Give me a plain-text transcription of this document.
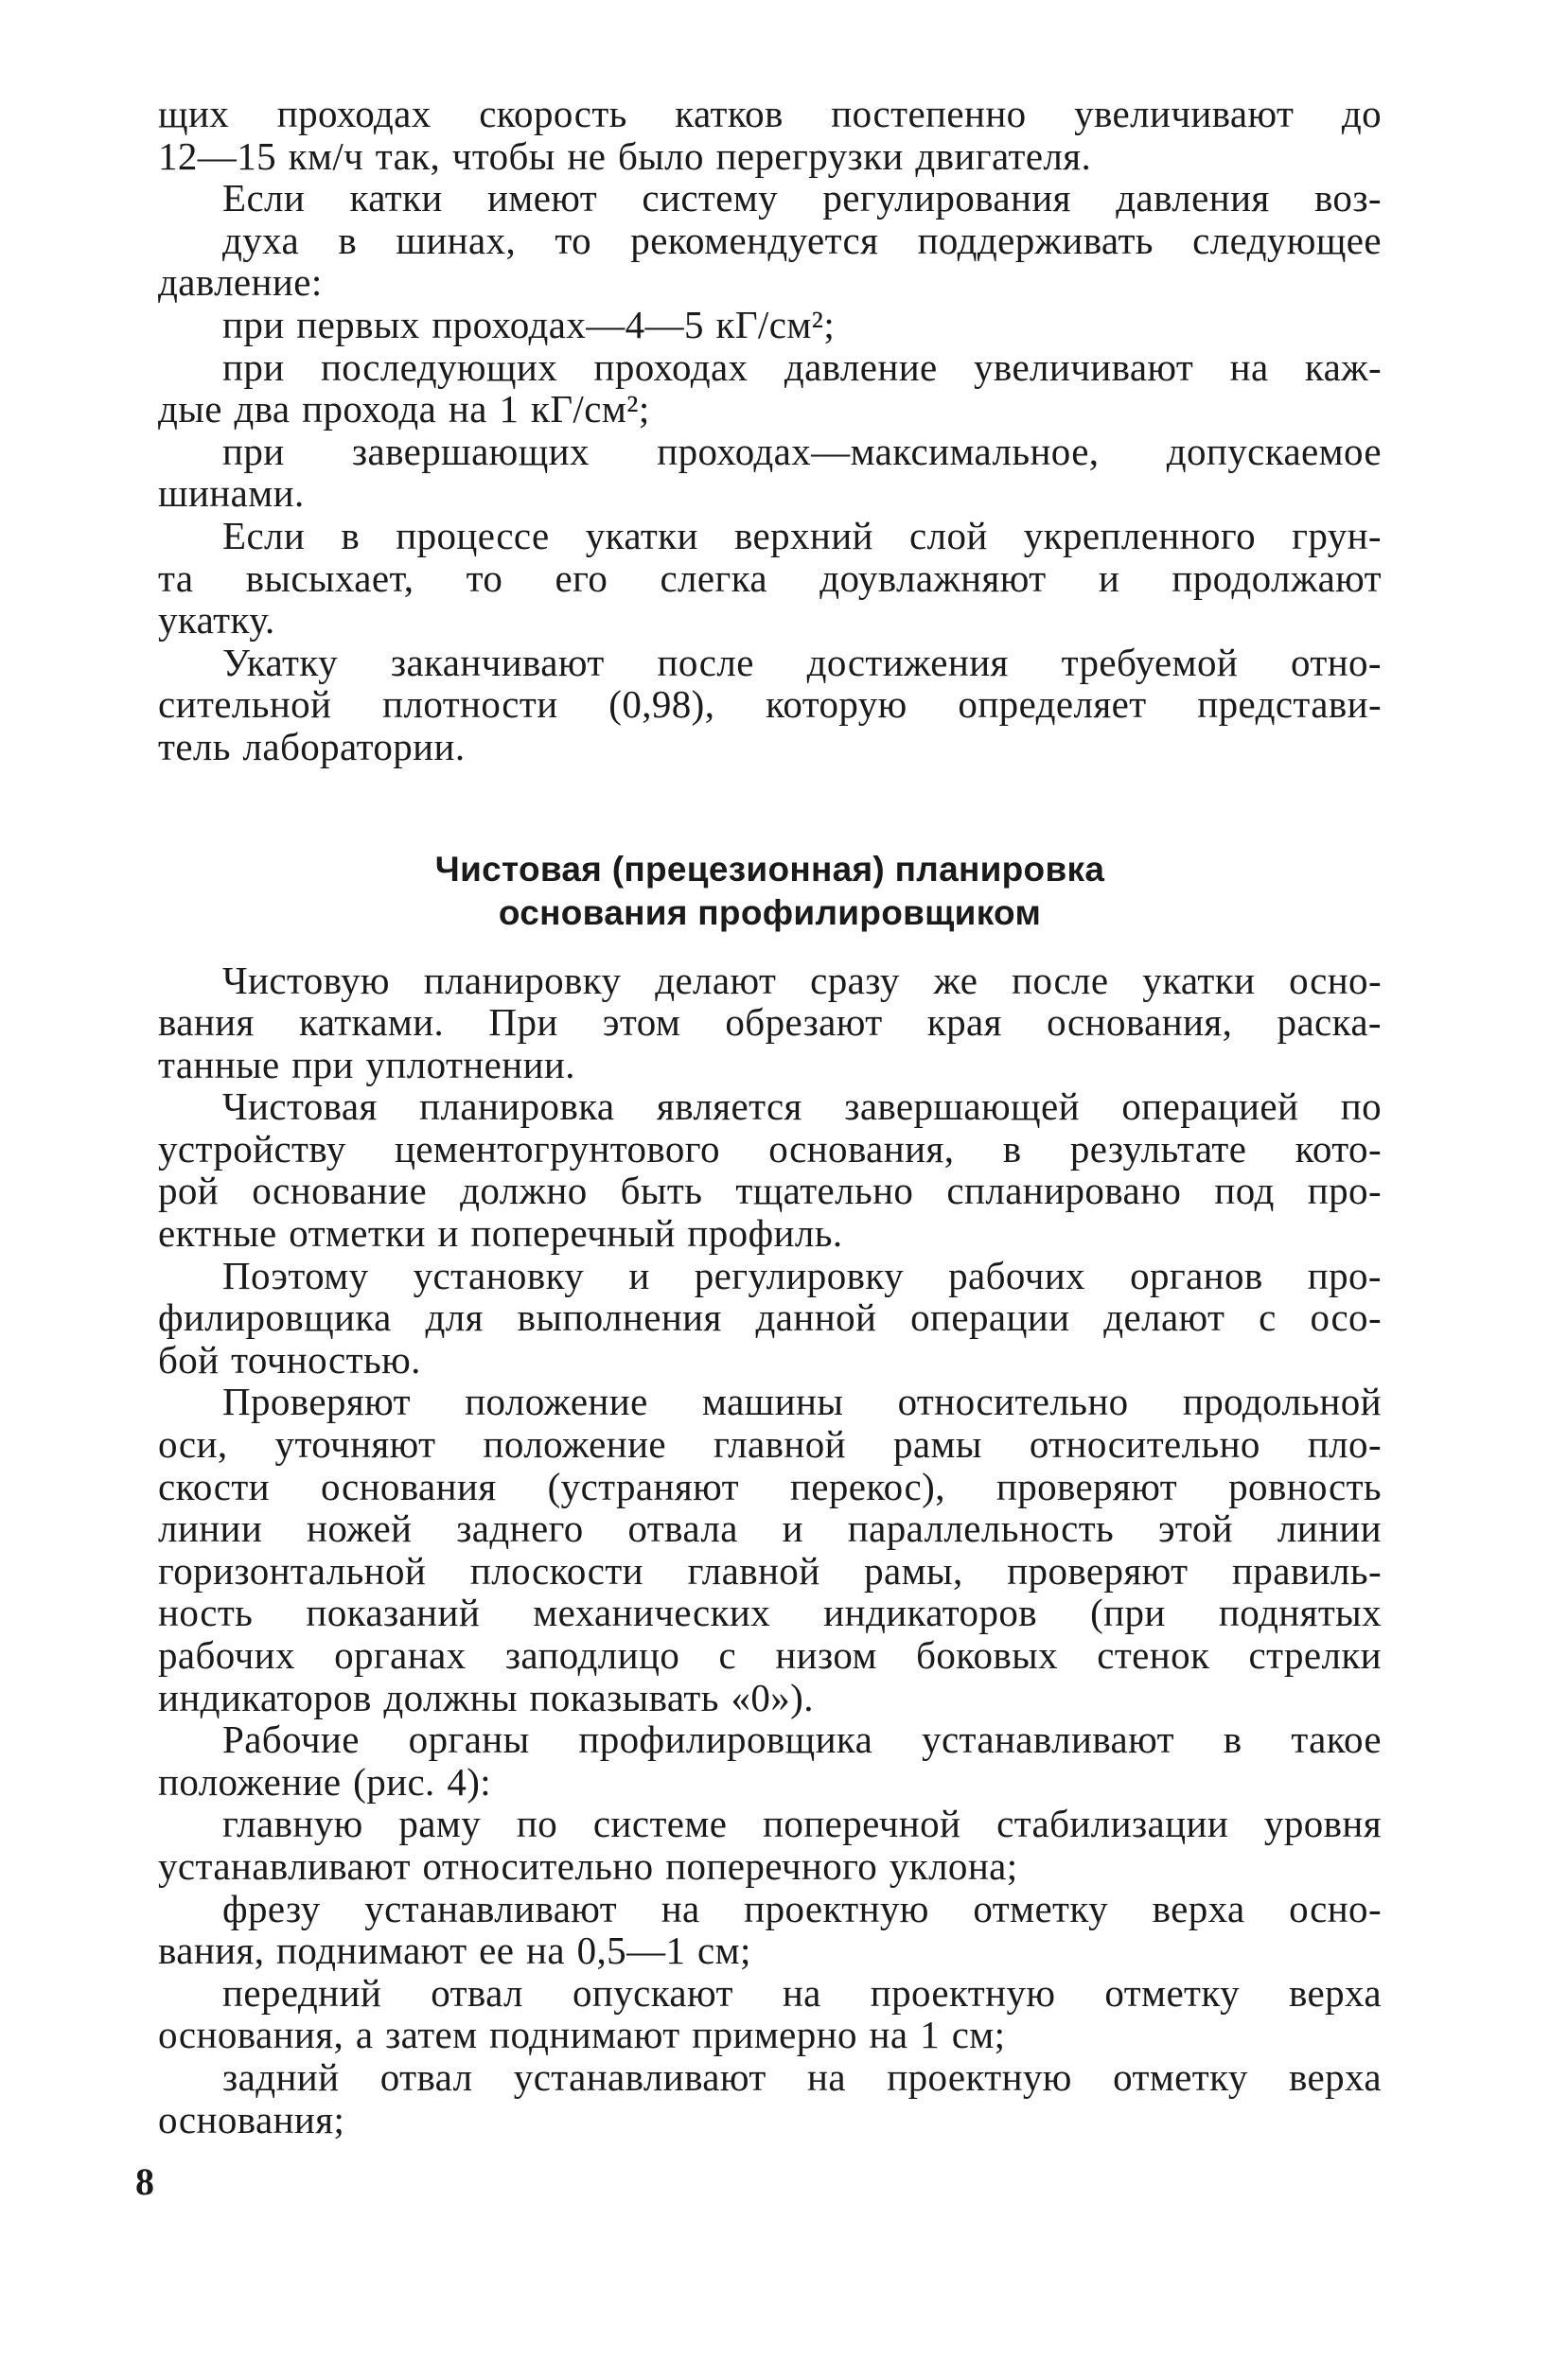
щих проходах скорость катков постепенно увеличивают до
12—15 км/ч так, чтобы не было перегрузки двигателя.

Если катки имеют систему регулирования давления воз-
духа в шинах, то рекомендуется поддерживать следующее
давление:

при первых проходах—4—5 кГ/см²;

при последующих проходах давление увеличивают на каж-
дые два прохода на 1 кГ/см²;

при завершающих проходах—максимальное, допускаемое
шинами.

Если в процессе укатки верхний слой укрепленного грун-
та высыхает, то его слегка доувлажняют и продолжают
укатку.

Укатку заканчивают после достижения требуемой отно-
сительной плотности (0,98), которую определяет представи-
тель лаборатории.

Чистовая (прецезионная) планировка
основания профилировщиком

Чистовую планировку делают сразу же после укатки осно-
вания катками. При этом обрезают края основания, раска-
танные при уплотнении.

Чистовая планировка является завершающей операцией по
устройству цементогрунтового основания, в результате кото-
рой основание должно быть тщательно спланировано под про-
ектные отметки и поперечный профиль.

Поэтому установку и регулировку рабочих органов про-
филировщика для выполнения данной операции делают с осо-
бой точностью.

Проверяют положение машины относительно продольной
оси, уточняют положение главной рамы относительно пло-
скости основания (устраняют перекос), проверяют ровность
линии ножей заднего отвала и параллельность этой линии
горизонтальной плоскости главной рамы, проверяют правиль-
ность показаний механических индикаторов (при поднятых
рабочих органах заподлицо с низом боковых стенок стрелки
индикаторов должны показывать «0»).

Рабочие органы профилировщика устанавливают в такое
положение (рис. 4):

главную раму по системе поперечной стабилизации уровня
устанавливают относительно поперечного уклона;

фрезу устанавливают на проектную отметку верха осно-
вания, поднимают ее на 0,5—1 см;

передний отвал опускают на проектную отметку верха
основания, а затем поднимают примерно на 1 см;

задний отвал устанавливают на проектную отметку верха
основания;

8
